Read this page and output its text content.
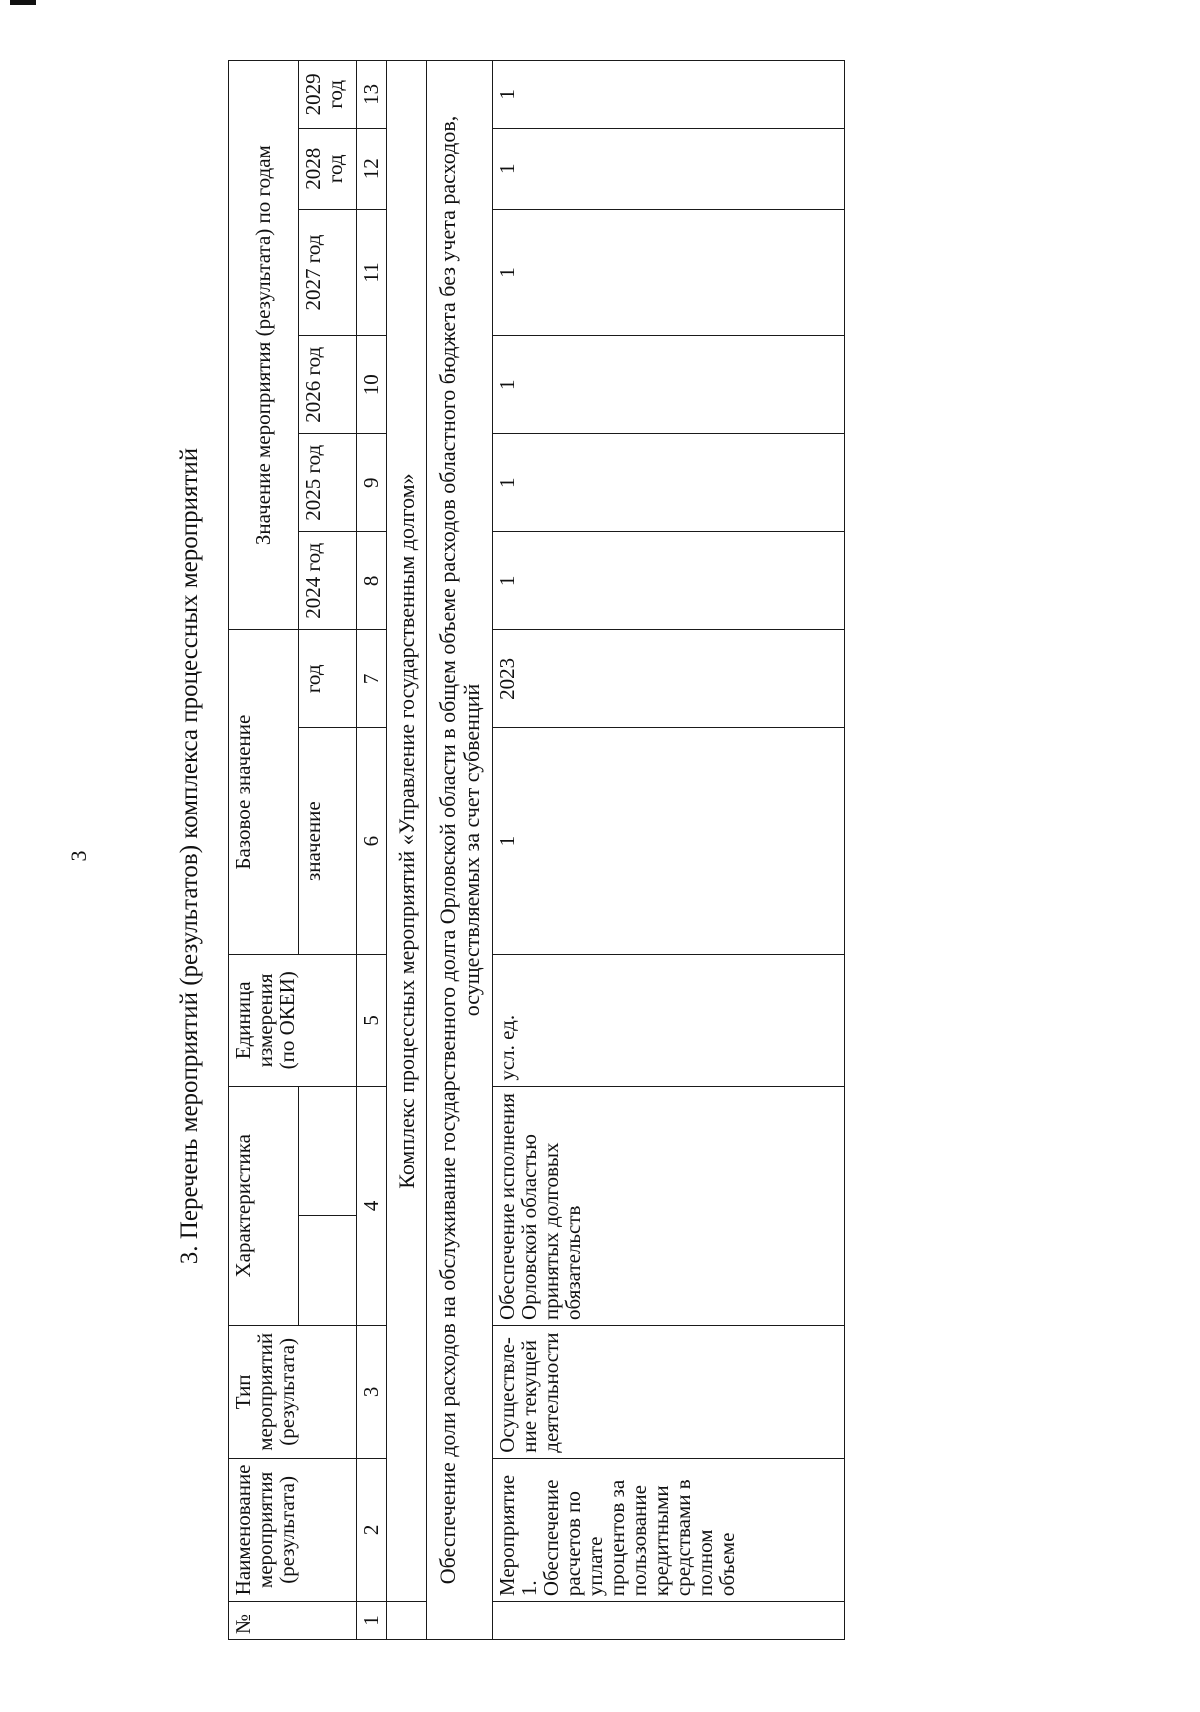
3	3. Перечень мероприятий (результатов) комплекса процессных мероприятий
№	Наименование мероприятия (результата)	Тип мероприятий (результата)	Характеристика		Единица измерения (по ОКЕИ)	Базовое значение		Значение мероприятия (результата) по годам					
						значение	год	2024 год	2025 год	2026 год	2027 год	2028 год	2029 год
1	2	3	4		5	6	7	8	9	10	11	12	13
	Комплекс процессных мероприятий «Управление государственным долгом»												
Обеспечение доли расходов на обслуживание государственного долга Орловской области в общем объеме расходов областного бюджета без учета расходов, осуществляемых за счет субвенций													
	Мероприятие 1. Обеспечение расчетов по уплате процентов за пользование кредитными средствами в полном объеме	Осуществле-ние текущей деятельности	Обеспечение исполнения Орловской областью принятых долговых обязательств		усл. ед.	1	2023	1	1	1	1	1	1
